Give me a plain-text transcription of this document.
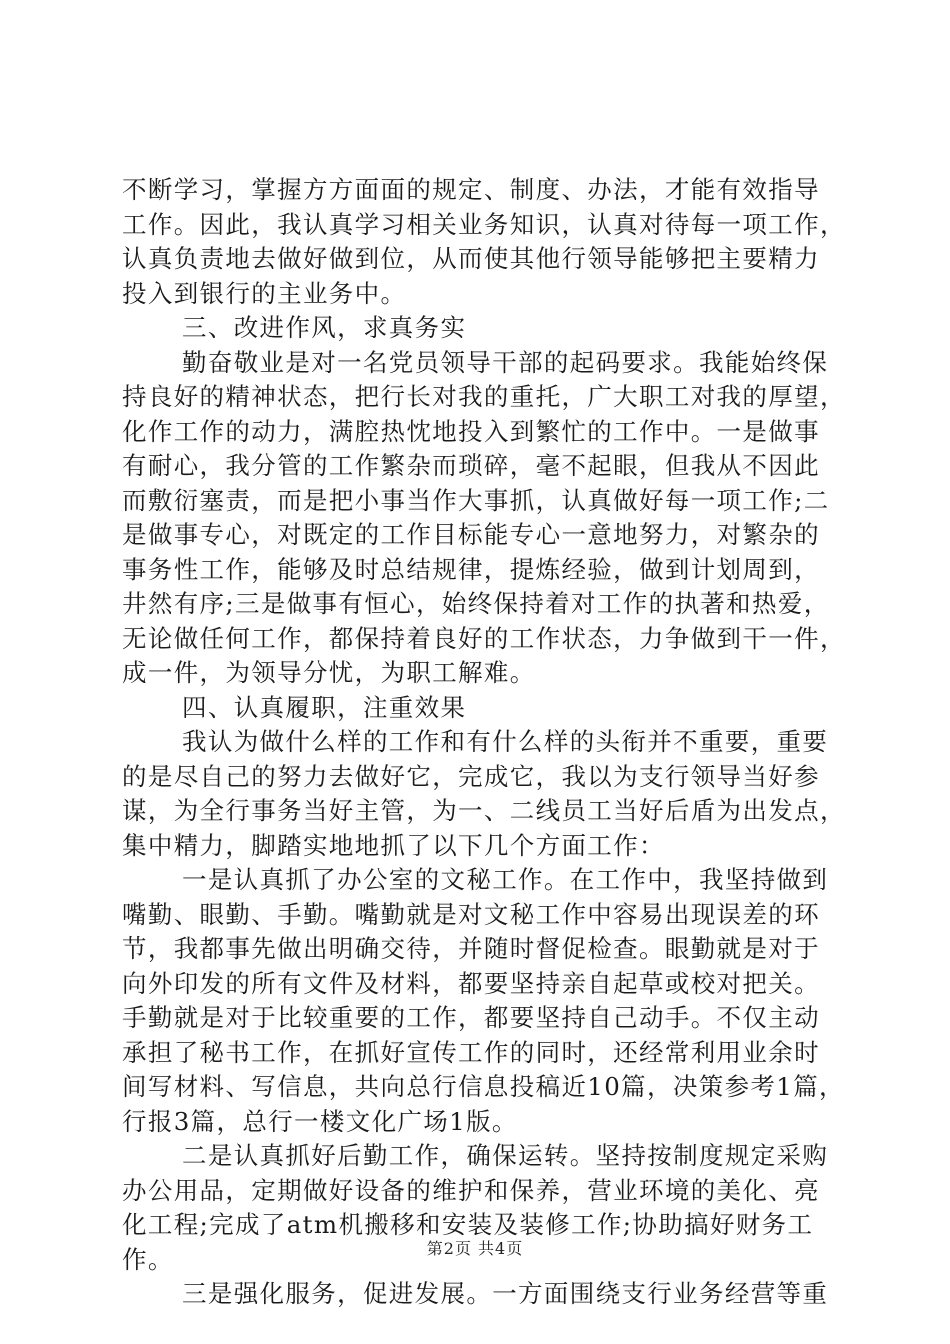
不断学习，掌握方方面面的规定、制度、办法，才能有效指导
工作。因此，我认真学习相关业务知识，认真对待每一项工作，
认真负责地去做好做到位，从而使其他行领导能够把主要精力
投入到银行的主业务中。
三、改进作风，求真务实
勤奋敬业是对一名党员领导干部的起码要求。我能始终保
持良好的精神状态，把行长对我的重托，广大职工对我的厚望，
化作工作的动力，满腔热忱地投入到繁忙的工作中。一是做事
有耐心，我分管的工作繁杂而琐碎，毫不起眼，但我从不因此
而敷衍塞责，而是把小事当作大事抓，认真做好每一项工作;二
是做事专心，对既定的工作目标能专心一意地努力，对繁杂的
事务性工作，能够及时总结规律，提炼经验，做到计划周到，
井然有序;三是做事有恒心，始终保持着对工作的执著和热爱，
无论做任何工作，都保持着良好的工作状态，力争做到干一件，
成一件，为领导分忧，为职工解难。
四、认真履职，注重效果
我认为做什么样的工作和有什么样的头衔并不重要，重要
的是尽自己的努力去做好它，完成它，我以为支行领导当好参
谋，为全行事务当好主管，为一、二线员工当好后盾为出发点，
集中精力，脚踏实地地抓了以下几个方面工作：
一是认真抓了办公室的文秘工作。在工作中，我坚持做到
嘴勤、眼勤、手勤。嘴勤就是对文秘工作中容易出现误差的环
节，我都事先做出明确交待，并随时督促检查。眼勤就是对于
向外印发的所有文件及材料，都要坚持亲自起草或校对把关。
手勤就是对于比较重要的工作，都要坚持自己动手。不仅主动
承担了秘书工作，在抓好宣传工作的同时，还经常利用业余时
间写材料、写信息，共向总行信息投稿近10篇，决策参考1篇，
行报3篇，总行一楼文化广场1版。
二是认真抓好后勤工作，确保运转。坚持按制度规定采购
办公用品，定期做好设备的维护和保养，营业环境的美化、亮
化工程;完成了atm机搬移和安装及装修工作;协助搞好财务工
作。
三是强化服务，促进发展。一方面围绕支行业务经营等重
第2页 共4页
